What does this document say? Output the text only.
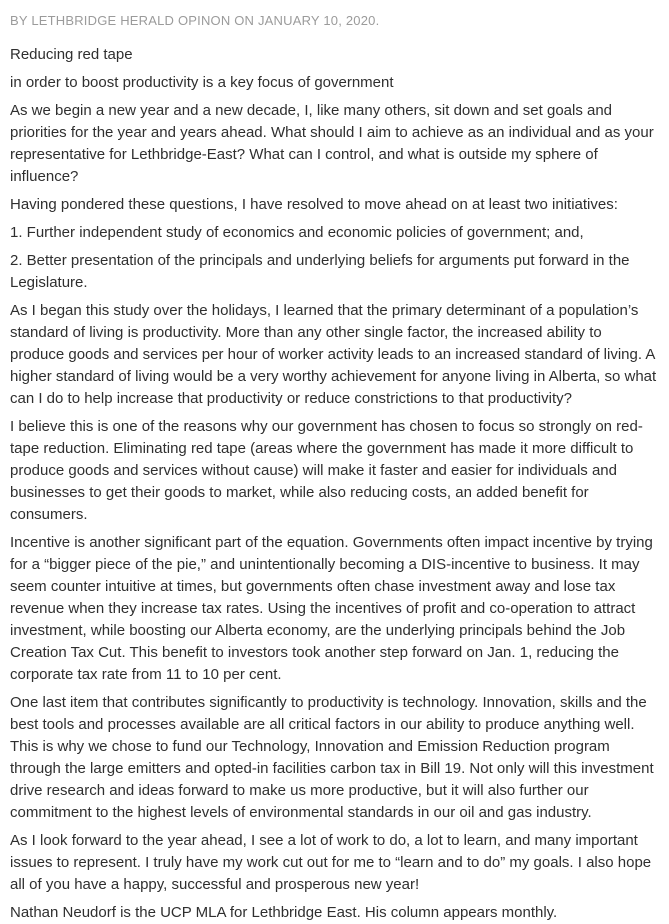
BY LETHBRIDGE HERALD OPINON ON JANUARY 10, 2020.

Reducing red tape

in order to boost productivity is a key focus of government

As we begin a new year and a new decade, I, like many others, sit down and set goals and priorities for the year and years ahead. What should I aim to achieve as an individual and as your representative for Lethbridge-East? What can I control, and what is outside my sphere of influence?

Having pondered these questions, I have resolved to move ahead on at least two initiatives:

1. Further independent study of economics and economic policies of government; and,

2. Better presentation of the principals and underlying beliefs for arguments put forward in the Legislature.

As I began this study over the holidays, I learned that the primary determinant of a population’s standard of living is productivity. More than any other single factor, the increased ability to produce goods and services per hour of worker activity leads to an increased standard of living. A higher standard of living would be a very worthy achievement for anyone living in Alberta, so what can I do to help increase that productivity or reduce constrictions to that productivity?

I believe this is one of the reasons why our government has chosen to focus so strongly on red-tape reduction. Eliminating red tape (areas where the government has made it more difficult to produce goods and services without cause) will make it faster and easier for individuals and businesses to get their goods to market, while also reducing costs, an added benefit for consumers.

Incentive is another significant part of the equation. Governments often impact incentive by trying for a “bigger piece of the pie,” and unintentionally becoming a DIS-incentive to business. It may seem counter intuitive at times, but governments often chase investment away and lose tax revenue when they increase tax rates. Using the incentives of profit and co-operation to attract investment, while boosting our Alberta economy, are the underlying principals behind the Job Creation Tax Cut. This benefit to investors took another step forward on Jan. 1, reducing the corporate tax rate from 11 to 10 per cent.

One last item that contributes significantly to productivity is technology. Innovation, skills and the best tools and processes available are all critical factors in our ability to produce anything well. This is why we chose to fund our Technology, Innovation and Emission Reduction program through the large emitters and opted-in facilities carbon tax in Bill 19. Not only will this investment drive research and ideas forward to make us more productive, but it will also further our commitment to the highest levels of environmental standards in our oil and gas industry.

As I look forward to the year ahead, I see a lot of work to do, a lot to learn, and many important issues to represent. I truly have my work cut out for me to “learn and to do” my goals. I also hope all of you have a happy, successful and prosperous new year!

Nathan Neudorf is the UCP MLA for Lethbridge East. His column appears monthly.
